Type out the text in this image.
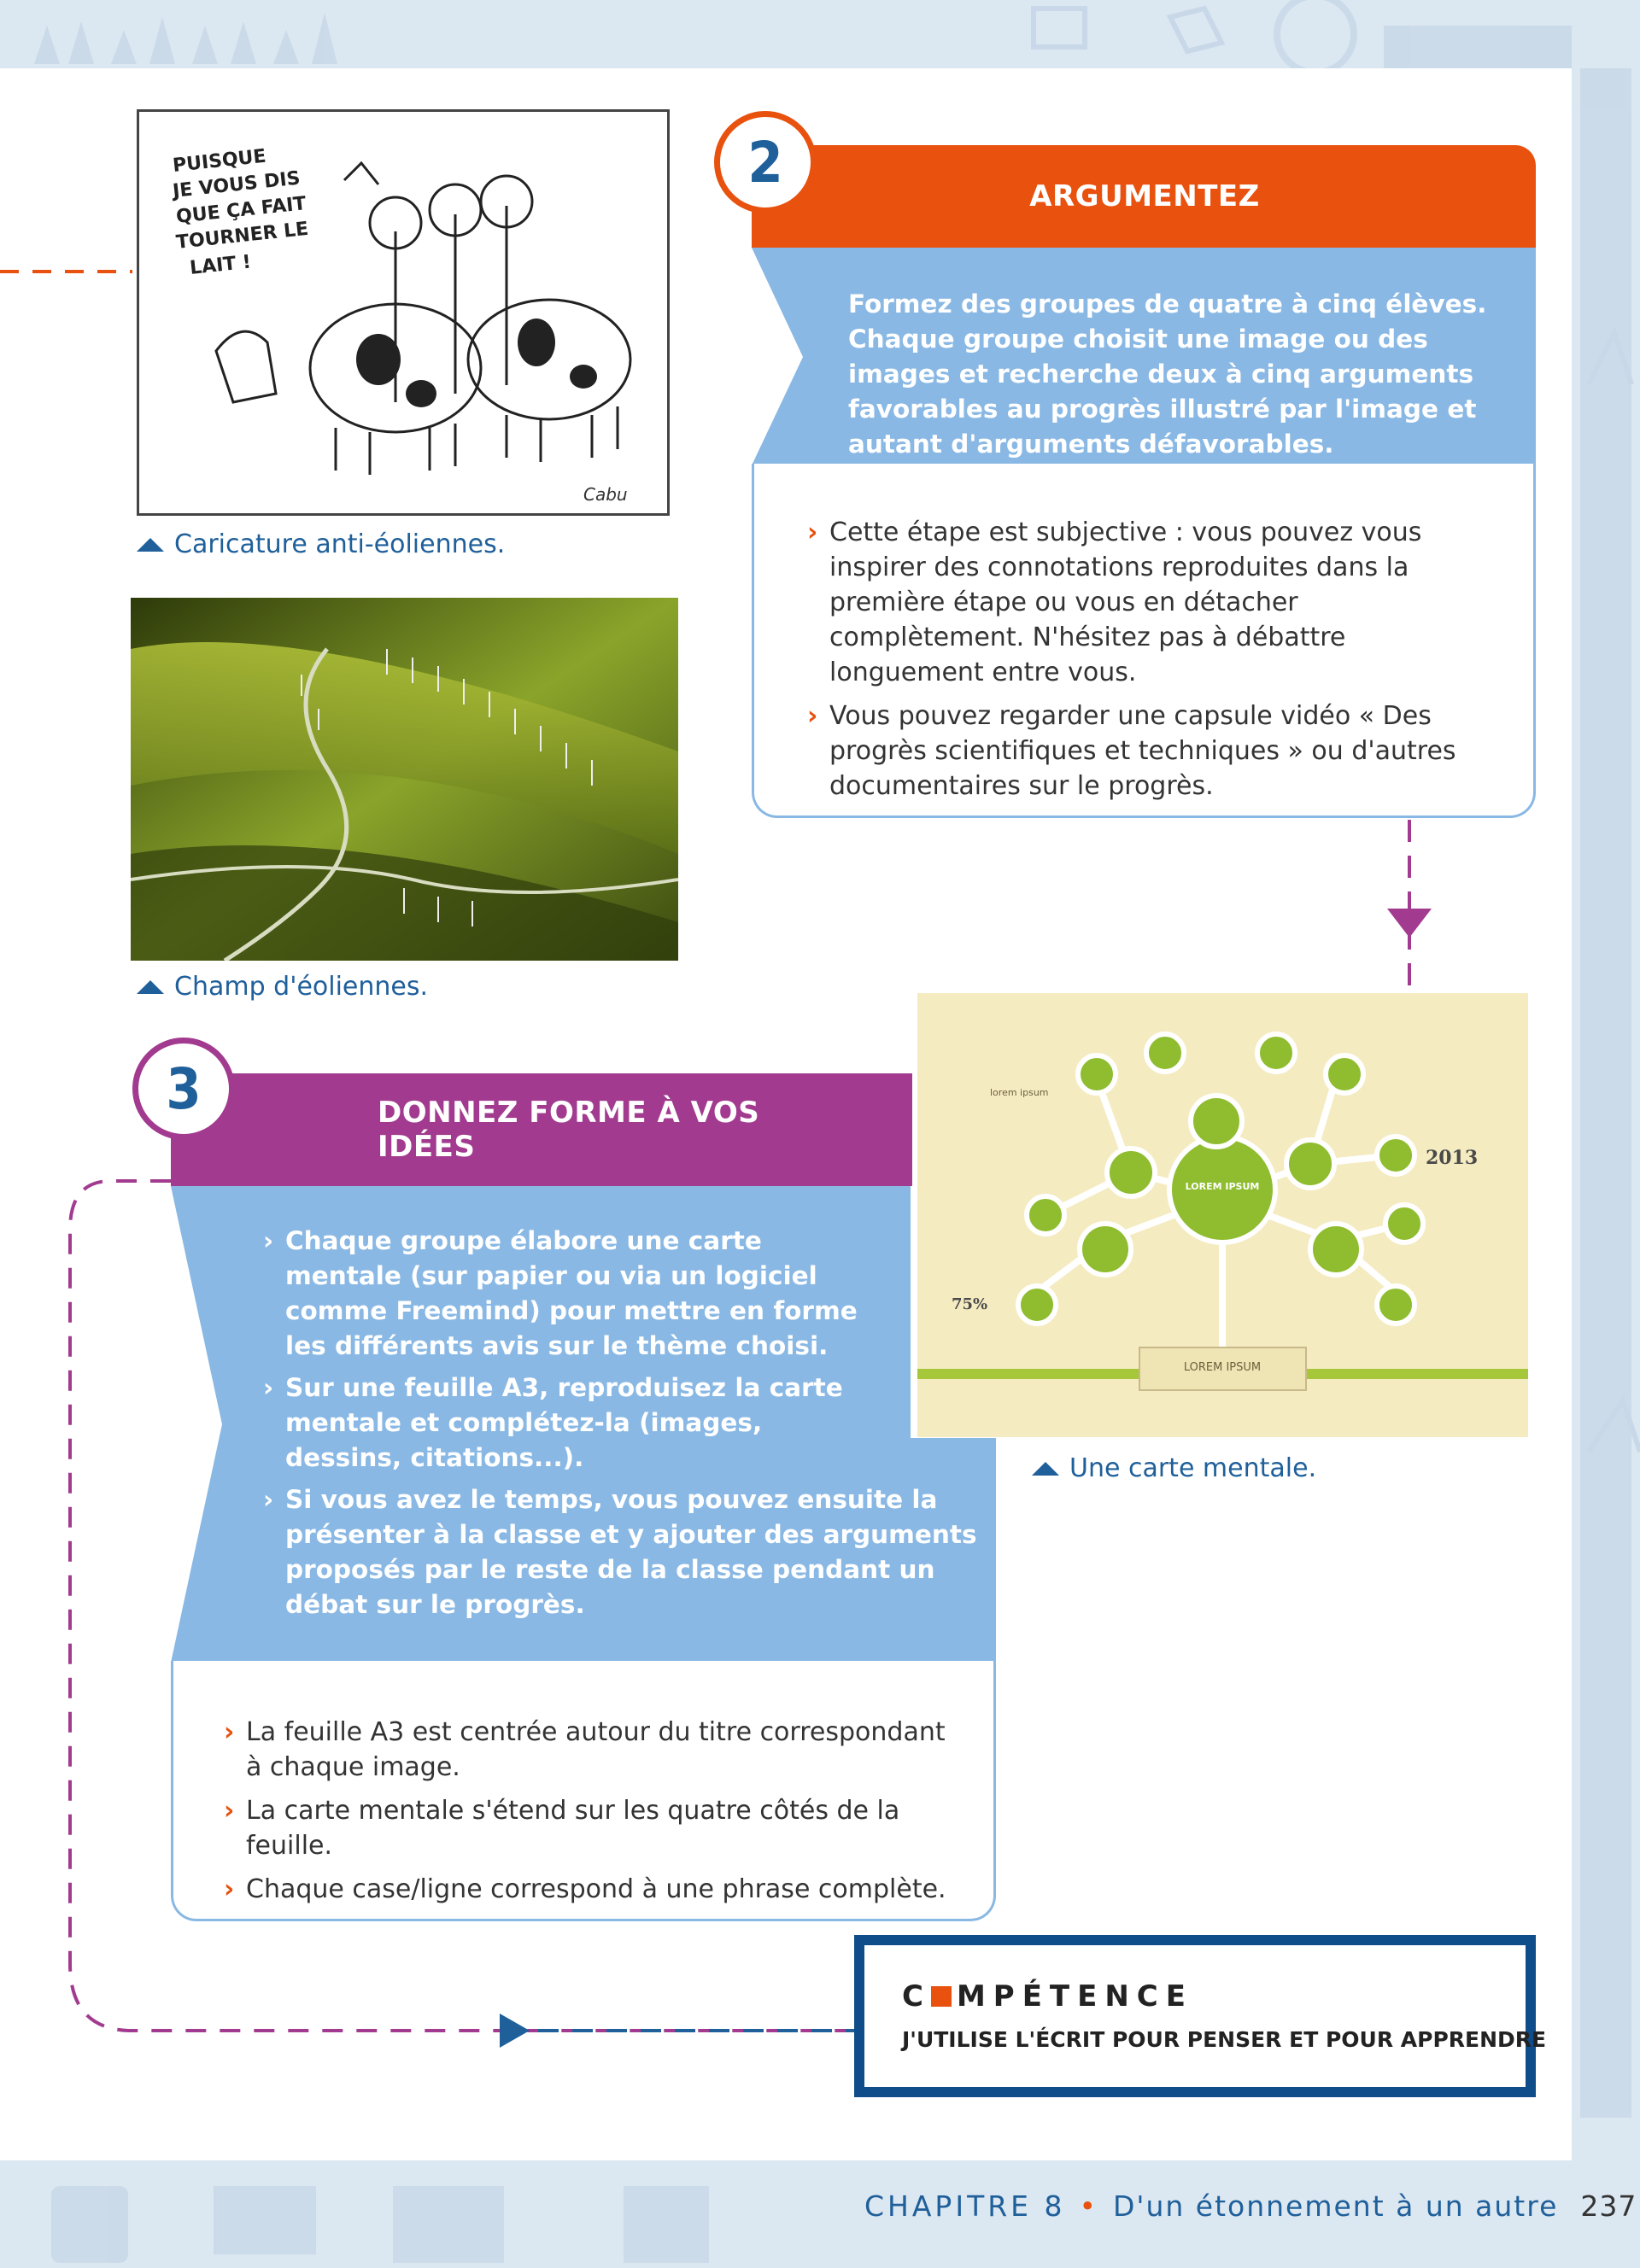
PUISQUE
JE VOUS DIS
QUE ÇA FAIT
TOURNER LE
LAIT !
Cabu
Caricature anti-éoliennes.
Champ d'éoliennes.
2
ARGUMENTEZ
Formez des groupes de quatre à cinq élèves. Chaque groupe choisit une image ou des images et recherche deux à cinq arguments favorables au progrès illustré par l'image et autant d'arguments défavorables.
› Cette étape est subjective : vous pouvez vous inspirer des connotations reproduites dans la première étape ou vous en détacher complètement. N'hésitez pas à débattre longuement entre vous.
› Vous pouvez regarder une capsule vidéo « Des progrès scientifiques et techniques » ou d'autres documentaires sur le progrès.
LOREM IPSUM
LOREM IPSUM
2013
75%
lorem ipsum
Une carte mentale.
3	DONNEZ FORME À VOS IDÉES
› Chaque groupe élabore une carte mentale (sur papier ou via un logiciel comme Freemind) pour mettre en forme les différents avis sur le thème choisi.
› Sur une feuille A3, reproduisez la carte mentale et complétez-la (images, dessins, citations...).
› Si vous avez le temps, vous pouvez ensuite la présenter à la classe et y ajouter des arguments proposés par le reste de la classe pendant un débat sur le progrès.
› La feuille A3 est centrée autour du titre correspondant à chaque image.
› La carte mentale s'étend sur les quatre côtés de la feuille.
› Chaque case/ligne correspond à une phrase complète.
C MPÉTENCE
J'UTILISE L'ÉCRIT POUR PENSER ET POUR APPRENDRE
CHAPITRE 8 • D'un étonnement à un autre 237
